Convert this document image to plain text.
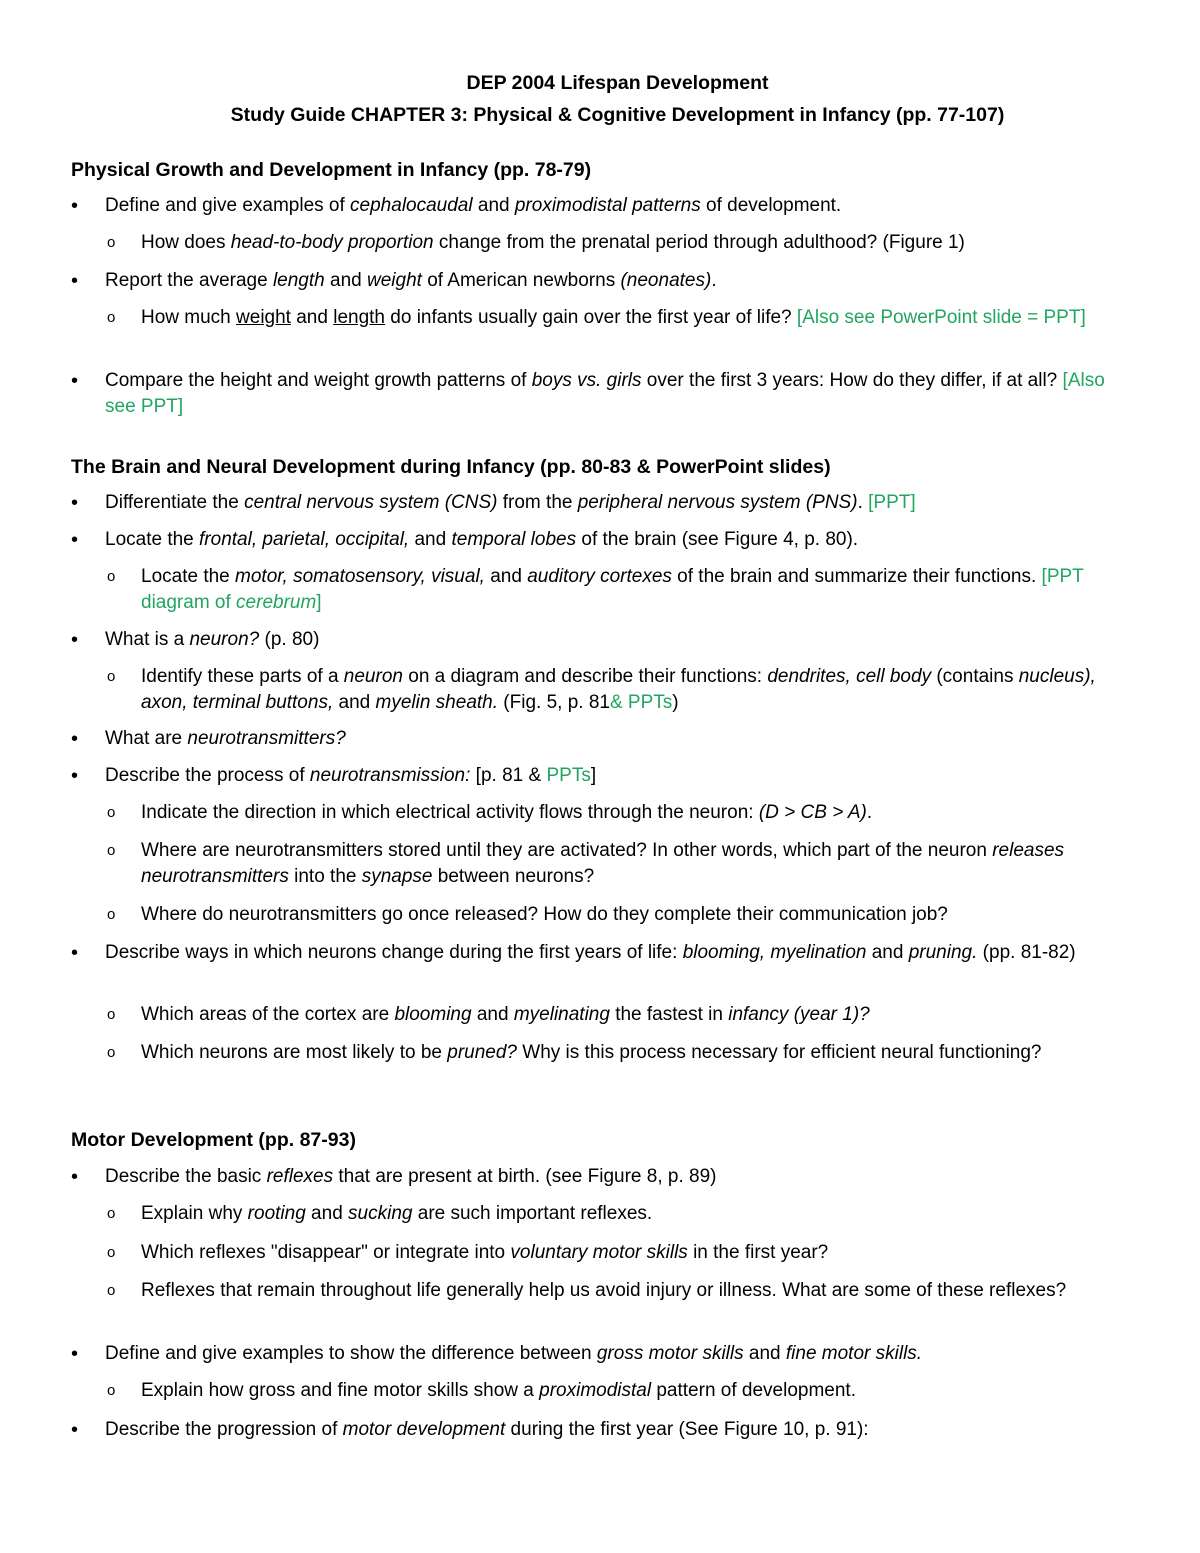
DEP 2004 Lifespan Development
Study Guide CHAPTER 3: Physical & Cognitive Development in Infancy (pp. 77-107)
Physical Growth and Development in Infancy (pp. 78-79)
• Define and give examples of cephalocaudal and proximodistal patterns of development.
o How does head-to-body proportion change from the prenatal period through adulthood? (Figure 1)
• Report the average length and weight of American newborns (neonates).
o How much weight and length do infants usually gain over the first year of life? [Also see PowerPoint slide = PPT]
• Compare the height and weight growth patterns of boys vs. girls over the first 3 years: How do they differ, if at all? [Also see PPT]
The Brain and Neural Development during Infancy (pp. 80-83 & PowerPoint slides)
• Differentiate the central nervous system (CNS) from the peripheral nervous system (PNS). [PPT]
• Locate the frontal, parietal, occipital, and temporal lobes of the brain (see Figure 4, p. 80).
o Locate the motor, somatosensory, visual, and auditory cortexes of the brain and summarize their functions. [PPT diagram of cerebrum]
• What is a neuron? (p. 80)
o Identify these parts of a neuron on a diagram and describe their functions: dendrites, cell body (contains nucleus), axon, terminal buttons, and myelin sheath. (Fig. 5, p. 81& PPTs)
• What are neurotransmitters?
• Describe the process of neurotransmission: [p. 81 & PPTs]
o Indicate the direction in which electrical activity flows through the neuron: (D > CB > A).
o Where are neurotransmitters stored until they are activated? In other words, which part of the neuron releases neurotransmitters into the synapse between neurons?
o Where do neurotransmitters go once released? How do they complete their communication job?
• Describe ways in which neurons change during the first years of life: blooming, myelination and pruning. (pp. 81-82)
o Which areas of the cortex are blooming and myelinating the fastest in infancy (year 1)?
o Which neurons are most likely to be pruned? Why is this process necessary for efficient neural functioning?
Motor Development (pp. 87-93)
• Describe the basic reflexes that are present at birth. (see Figure 8, p. 89)
o Explain why rooting and sucking are such important reflexes.
o Which reflexes "disappear" or integrate into voluntary motor skills in the first year?
o Reflexes that remain throughout life generally help us avoid injury or illness. What are some of these reflexes?
• Define and give examples to show the difference between gross motor skills and fine motor skills.
o Explain how gross and fine motor skills show a proximodistal pattern of development.
• Describe the progression of motor development during the first year (See Figure 10, p. 91):
